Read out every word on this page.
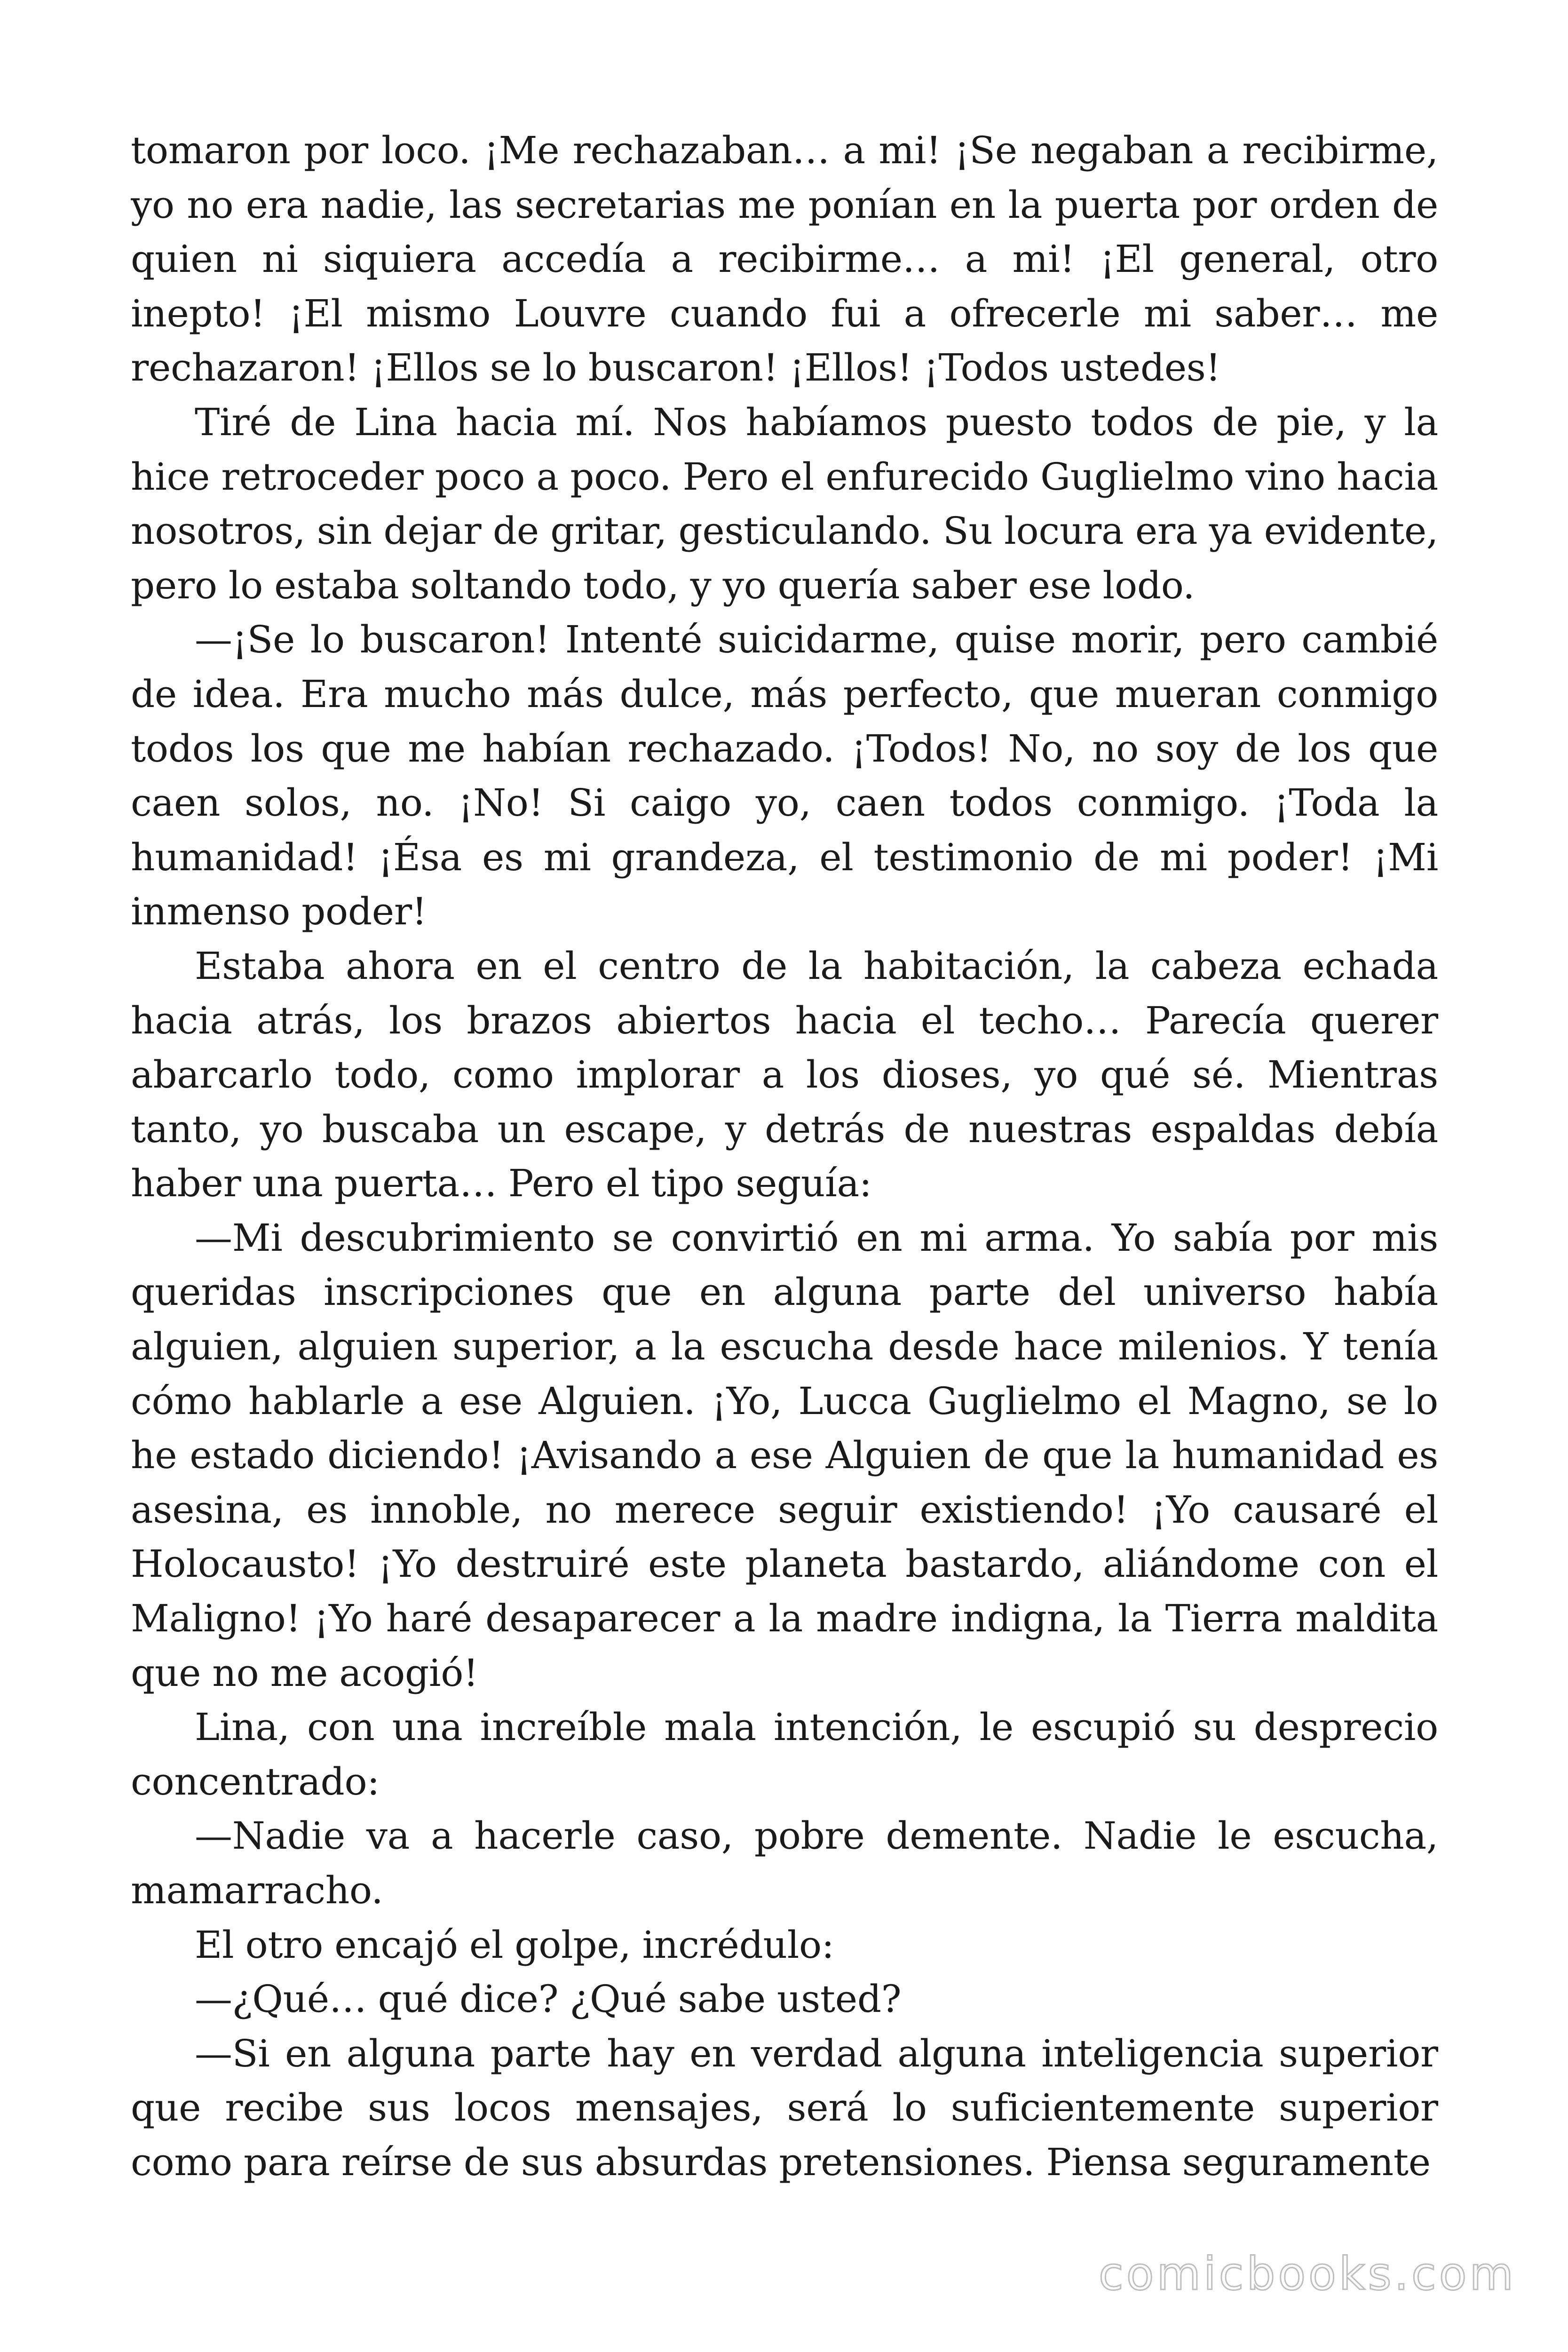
tomaron por loco. ¡Me rechazaban… a mi! ¡Se negaban a recibirme, yo no era nadie, las secretarias me ponían en la puerta por orden de quien ni siquiera accedía a recibirme… a mi! ¡El general, otro inepto! ¡El mismo Louvre cuando fui a ofrecerle mi saber… me rechazaron! ¡Ellos se lo buscaron! ¡Ellos! ¡Todos ustedes!

Tiré de Lina hacia mí. Nos habíamos puesto todos de pie, y la hice retroceder poco a poco. Pero el enfurecido Guglielmo vino hacia nosotros, sin dejar de gritar, gesticulando. Su locura era ya evidente, pero lo estaba soltando todo, y yo quería saber ese lodo.

—¡Se lo buscaron! Intenté suicidarme, quise morir, pero cambié de idea. Era mucho más dulce, más perfecto, que mueran conmigo todos los que me habían rechazado. ¡Todos! No, no soy de los que caen solos, no. ¡No! Si caigo yo, caen todos conmigo. ¡Toda la humanidad! ¡Ésa es mi grandeza, el testimonio de mi poder! ¡Mi inmenso poder!

Estaba ahora en el centro de la habitación, la cabeza echada hacia atrás, los brazos abiertos hacia el techo… Parecía querer abarcarlo todo, como implorar a los dioses, yo qué sé. Mientras tanto, yo buscaba un escape, y detrás de nuestras espaldas debía haber una puerta… Pero el tipo seguía:

—Mi descubrimiento se convirtió en mi arma. Yo sabía por mis queridas inscripciones que en alguna parte del universo había alguien, alguien superior, a la escucha desde hace milenios. Y tenía cómo hablarle a ese Alguien. ¡Yo, Lucca Guglielmo el Magno, se lo he estado diciendo! ¡Avisando a ese Alguien de que la humanidad es asesina, es innoble, no merece seguir existiendo! ¡Yo causaré el Holocausto! ¡Yo destruiré este planeta bastardo, aliándome con el Maligno! ¡Yo haré desaparecer a la madre indigna, la Tierra maldita que no me acogió!

Lina, con una increíble mala intención, le escupió su desprecio concentrado:

—Nadie va a hacerle caso, pobre demente. Nadie le escucha, mamarracho.

El otro encajó el golpe, incrédulo:

—¿Qué… qué dice? ¿Qué sabe usted?

—Si en alguna parte hay en verdad alguna inteligencia superior que recibe sus locos mensajes, será lo suficientemente superior como para reírse de sus absurdas pretensiones. Piensa seguramente

comicbooks.com
